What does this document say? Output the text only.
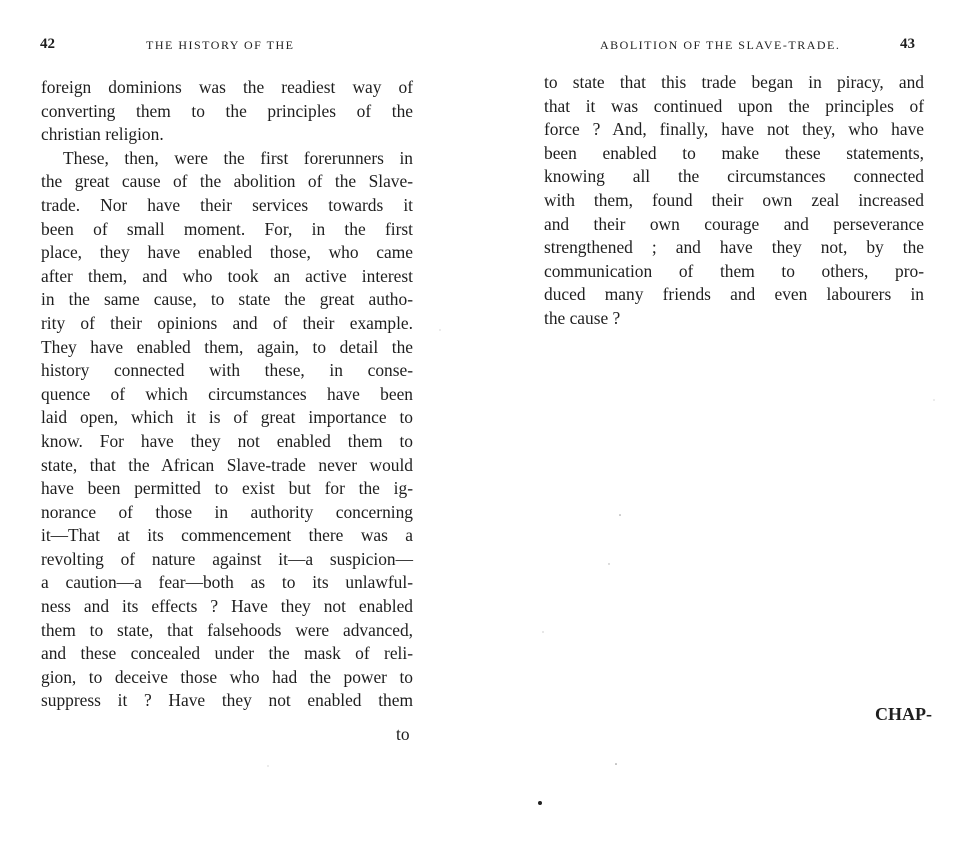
42	THE HISTORY OF THE
foreign dominions was the readiest way of
converting them to the principles of the
christian religion.
These, then, were the first forerunners in
the great cause of the abolition of the Slave-
trade. Nor have their services towards it
been of small moment. For, in the first
place, they have enabled those, who came
after them, and who took an active interest
in the same cause, to state the great autho-
rity of their opinions and of their example.
They have enabled them, again, to detail the
history connected with these, in conse-
quence of which circumstances have been
laid open, which it is of great importance to
know. For have they not enabled them to
state, that the African Slave-trade never would
have been permitted to exist but for the ig-
norance of those in authority concerning
it—That at its commencement there was a
revolting of nature against it—a suspicion—
a caution—a fear—both as to its unlawful-
ness and its effects ? Have they not enabled
them to state, that falsehoods were advanced,
and these concealed under the mask of reli-
gion, to deceive those who had the power to
suppress it ? Have they not enabled them
to
ABOLITION OF THE SLAVE-TRADE.	43
to state that this trade began in piracy, and
that it was continued upon the principles of
force ? And, finally, have not they, who have
been enabled to make these statements,
knowing all the circumstances connected
with them, found their own zeal increased
and their own courage and perseverance
strengthened ; and have they not, by the
communication of them to others, pro-
duced many friends and even labourers in
the cause ?
CHAP-
